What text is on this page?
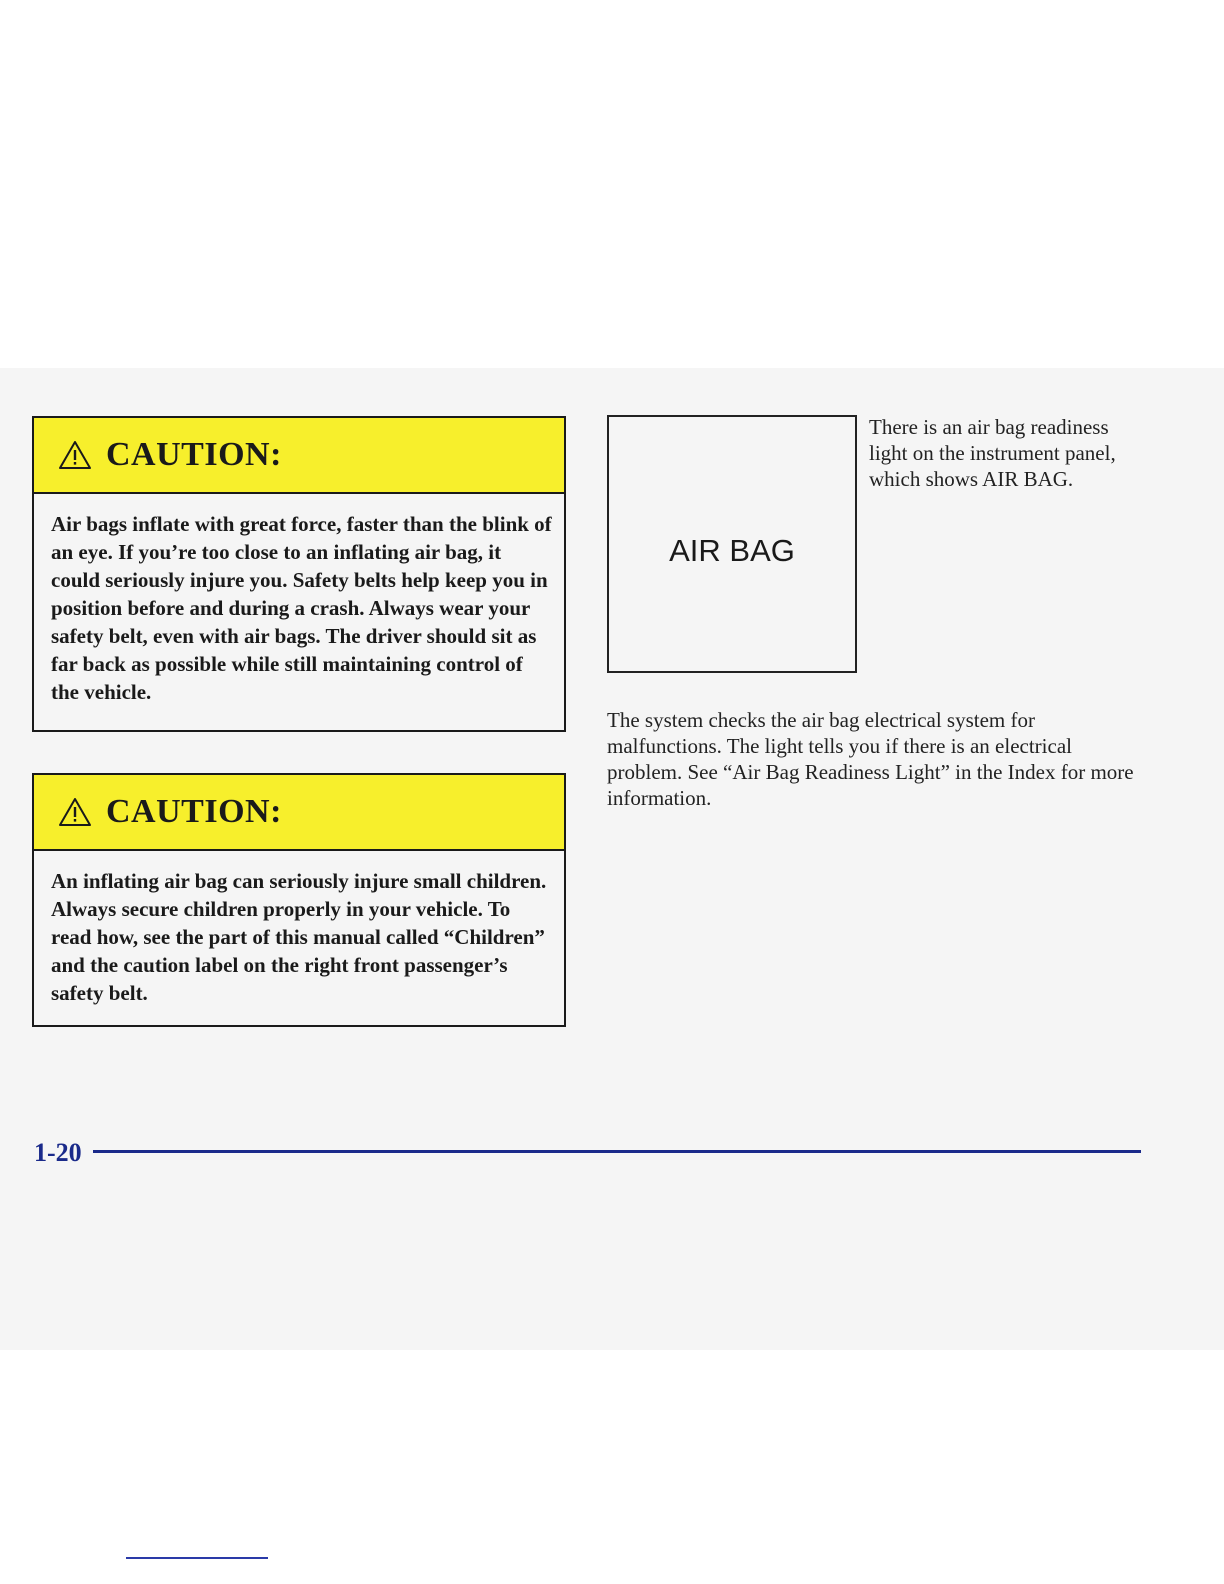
CAUTION:
Air bags inflate with great force, faster than the blink of an eye. If you’re too close to an inflating air bag, it could seriously injure you. Safety belts help keep you in position before and during a crash. Always wear your safety belt, even with air bags. The driver should sit as far back as possible while still maintaining control of the vehicle.
CAUTION:
An inflating air bag can seriously injure small children. Always secure children properly in your vehicle. To read how, see the part of this manual called “Children” and the caution label on the right front passenger’s safety belt.
AIR BAG
There is an air bag readiness light on the instrument panel, which shows AIR BAG.
The system checks the air bag electrical system for malfunctions. The light tells you if there is an electrical problem. See “Air Bag Readiness Light” in the Index for more information.
1-20
